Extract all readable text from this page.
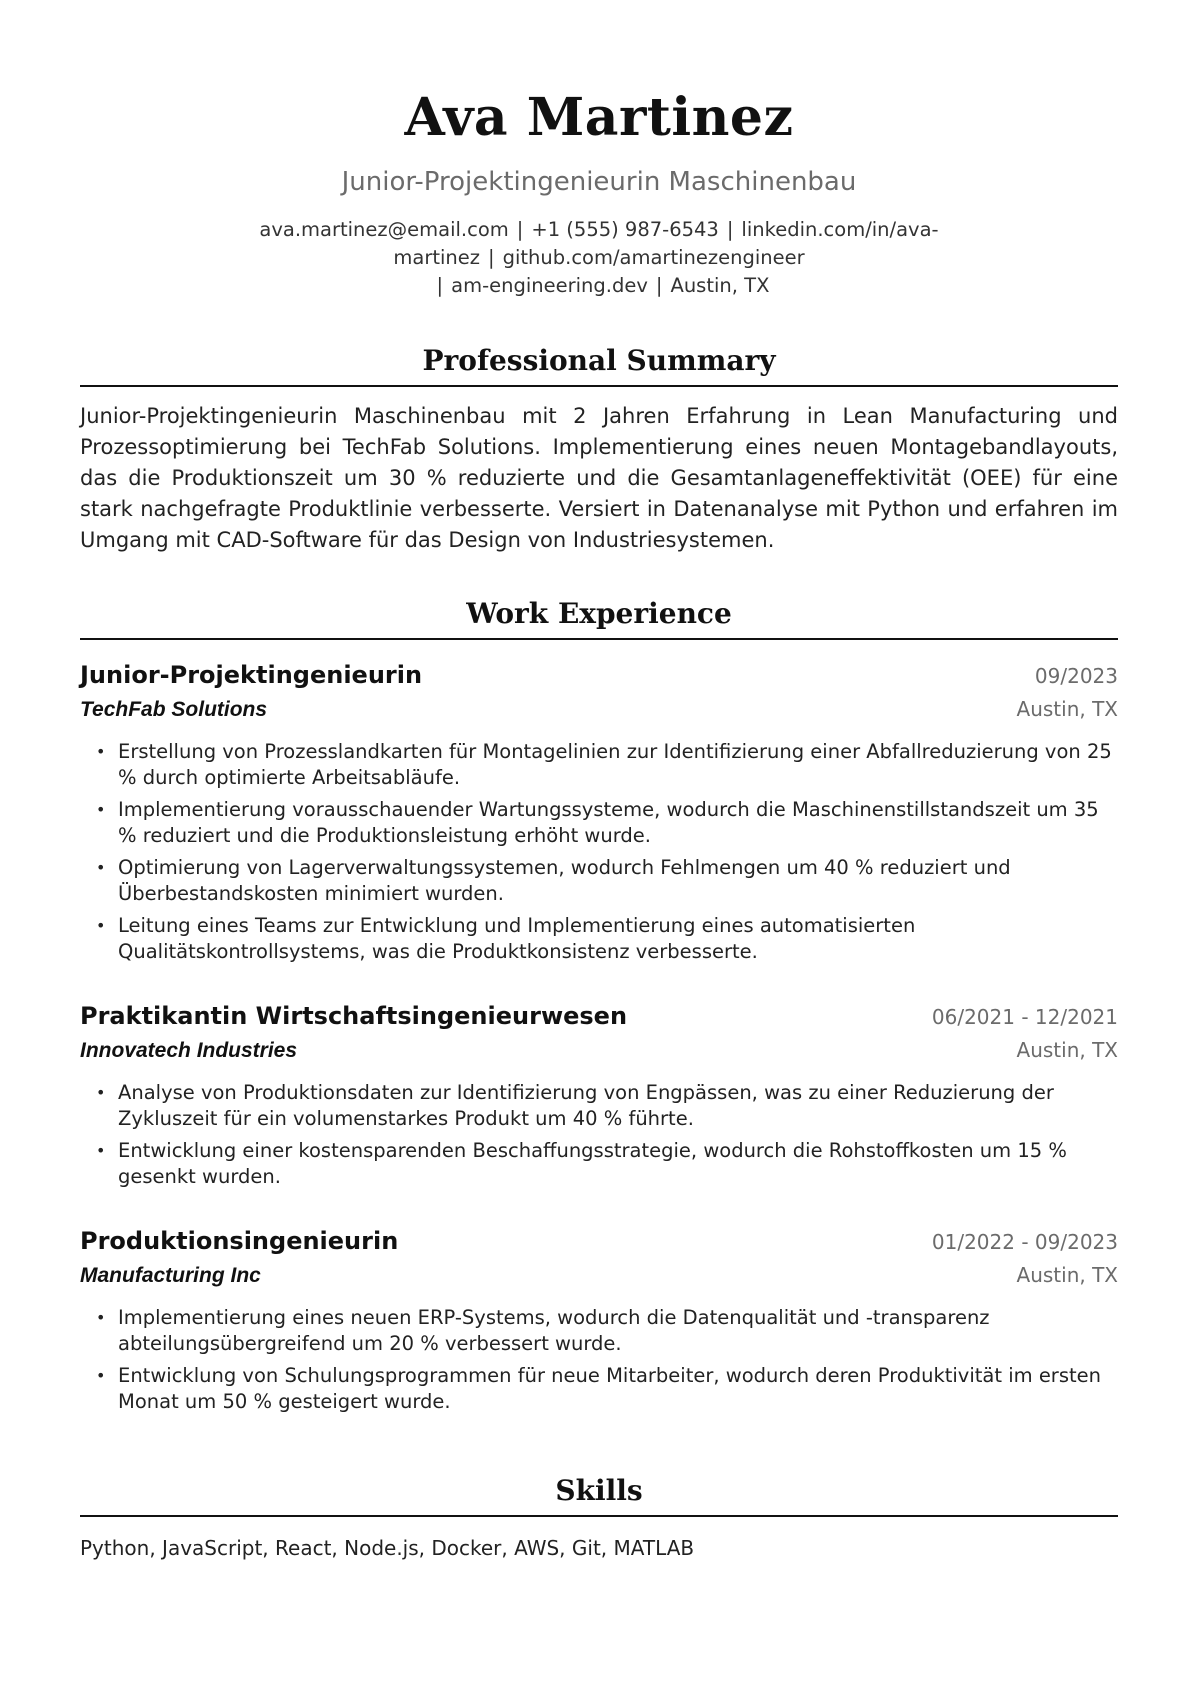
Ava Martinez
Junior-Projektingenieurin Maschinenbau
ava.martinez@email.com | +1 (555) 987-6543 | linkedin.com/in/ava-martinez | github.com/amartinezengineer
| am-engineering.dev | Austin, TX
Professional Summary

Junior-Projektingenieurin Maschinenbau mit 2 Jahren Erfahrung in Lean Manufacturing und Prozessoptimierung bei TechFab Solutions. Implementierung eines neuen Montagebandlayouts, das die Produktionszeit um 30 % reduzierte und die Gesamtanlageneffektivität (OEE) für eine stark nachgefragte Produktlinie verbesserte. Versiert in Datenanalyse mit Python und erfahren im Umgang mit CAD-Software für das Design von Industriesystemen.

Work Experience
Junior-Projektingenieurin	09/2023
TechFab Solutions	Austin, TX
• Erstellung von Prozesslandkarten für Montagelinien zur Identifizierung einer Abfallreduzierung von 25 % durch optimierte Arbeitsabläufe.
• Implementierung vorausschauender Wartungssysteme, wodurch die Maschinenstillstandszeit um 35 % reduziert und die Produktionsleistung erhöht wurde.
• Optimierung von Lagerverwaltungssystemen, wodurch Fehlmengen um 40 % reduziert und Überbestandskosten minimiert wurden.
• Leitung eines Teams zur Entwicklung und Implementierung eines automatisierten Qualitätskontrollsystems, was die Produktkonsistenz verbesserte.
Praktikantin Wirtschaftsingenieurwesen	06/2021 - 12/2021
Innovatech Industries	Austin, TX
• Analyse von Produktionsdaten zur Identifizierung von Engpässen, was zu einer Reduzierung der Zykluszeit für ein volumenstarkes Produkt um 40 % führte.
• Entwicklung einer kostensparenden Beschaffungsstrategie, wodurch die Rohstoffkosten um 15 % gesenkt wurden.
Produktionsingenieurin	01/2022 - 09/2023
Manufacturing Inc	Austin, TX
• Implementierung eines neuen ERP-Systems, wodurch die Datenqualität und -transparenz abteilungsübergreifend um 20 % verbessert wurde.
• Entwicklung von Schulungsprogrammen für neue Mitarbeiter, wodurch deren Produktivität im ersten Monat um 50 % gesteigert wurde.
Skills
Python, JavaScript, React, Node.js, Docker, AWS, Git, MATLAB
